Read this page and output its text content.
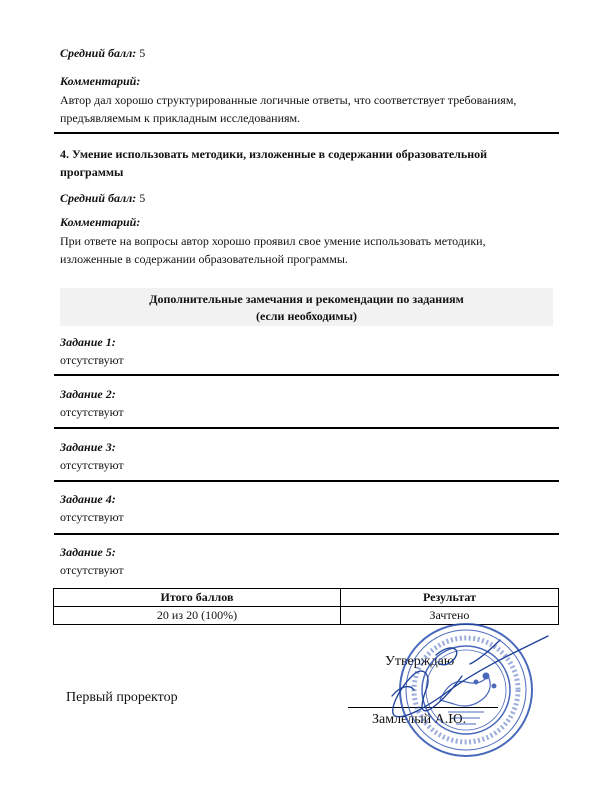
Средний балл: 5
Комментарий:
Автор дал хорошо структурированные логичные ответы, что соответствует требованиям,
предъявляемым к прикладным исследованиям.
4. Умение использовать методики, изложенные в содержании образовательной
программы
Средний балл: 5
Комментарий:
При ответе на вопросы автор хорошо проявил свое умение использовать методики,
изложенные в содержании образовательной программы.
Дополнительные замечания и рекомендации по заданиям
(если необходимы)
Задание 1:
отсутствуют
Задание 2:
отсутствуют
Задание 3:
отсутствуют
Задание 4:
отсутствуют
Задание 5:
отсутствуют
Итого баллов	Результат
20 из 20 (100%)	Зачтено
Утверждаю
Первый проректор
Замлелый А.Ю.
